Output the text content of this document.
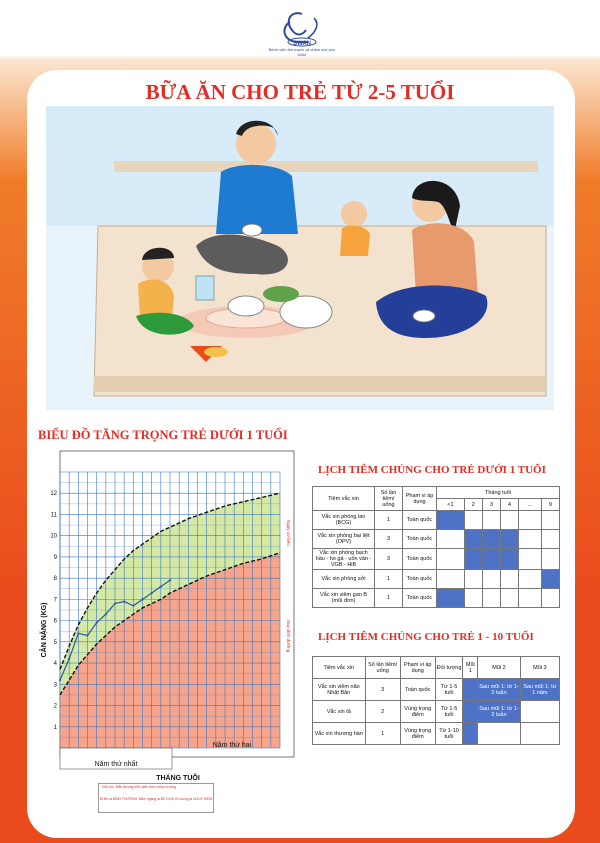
SWAN
Bệnh viện tim mạch và chăm sóc sức khỏe
BỮA ĂN CHO TRẺ TỪ 2-5 TUỔI
BIỂU ĐỒ TĂNG TRỌNG TRẺ DƯỚI 1 TUỔI
1
2
3
4
5
6
7
8
9
10
11
12
CÂN NẶNG (KG)
Nguy cơ béo
Suy dinh dưỡng
Năm thứ nhất
Năm thứ hai
THÁNG TUỔI
Ghi chú: Biểu đường biểu diễn theo chiều hướng
Đi lên là BÌNH THƯỜNG Nằm ngang là ĐE DỌA Đi xuống là NGUY HIỂM
LỊCH TIÊM CHỦNG CHO TRẺ DƯỚI 1 TUỔI
Tiêm vắc xin	Số lần tiêm/ uống	Phạm vi áp dụng	Tháng tuổi					
			<1	2	3	4	...	9
Vắc xin phòng lao (BCG)	1	Toàn quốc						
Vắc xin phòng bại liệt (OPV)	3	Toàn quốc						
Vắc xin phòng bạch hầu - ho gà - uốn ván - VGB - HiB	3	Toàn quốc						
Vắc xin phòng sởi	1	Toàn quốc						
Vắc xin viêm gan B (mũi đơn)	1	Toàn quốc						
LỊCH TIÊM CHỦNG CHO TRẺ 1 - 10 TUỔI
Tiêm vắc xin	Số lần tiêm/ uống	Phạm vi áp dụng	Đối tượng	Mũi 1	Mũi 2	Mũi 3
Vắc xin viêm não Nhật Bản	3	Toàn quốc	Từ 1-5 tuổi		Sau mũi 1: từ 1-2 tuần	Sau mũi 1: từ 1 năm
Vắc xin tả	2	Vùng trọng điểm	Từ 1-5 tuổi		Sau mũi 1: từ 1-2 tuần	
Vắc xin thương hàn	1	Vùng trọng điểm	Từ 1-10 tuổi			
